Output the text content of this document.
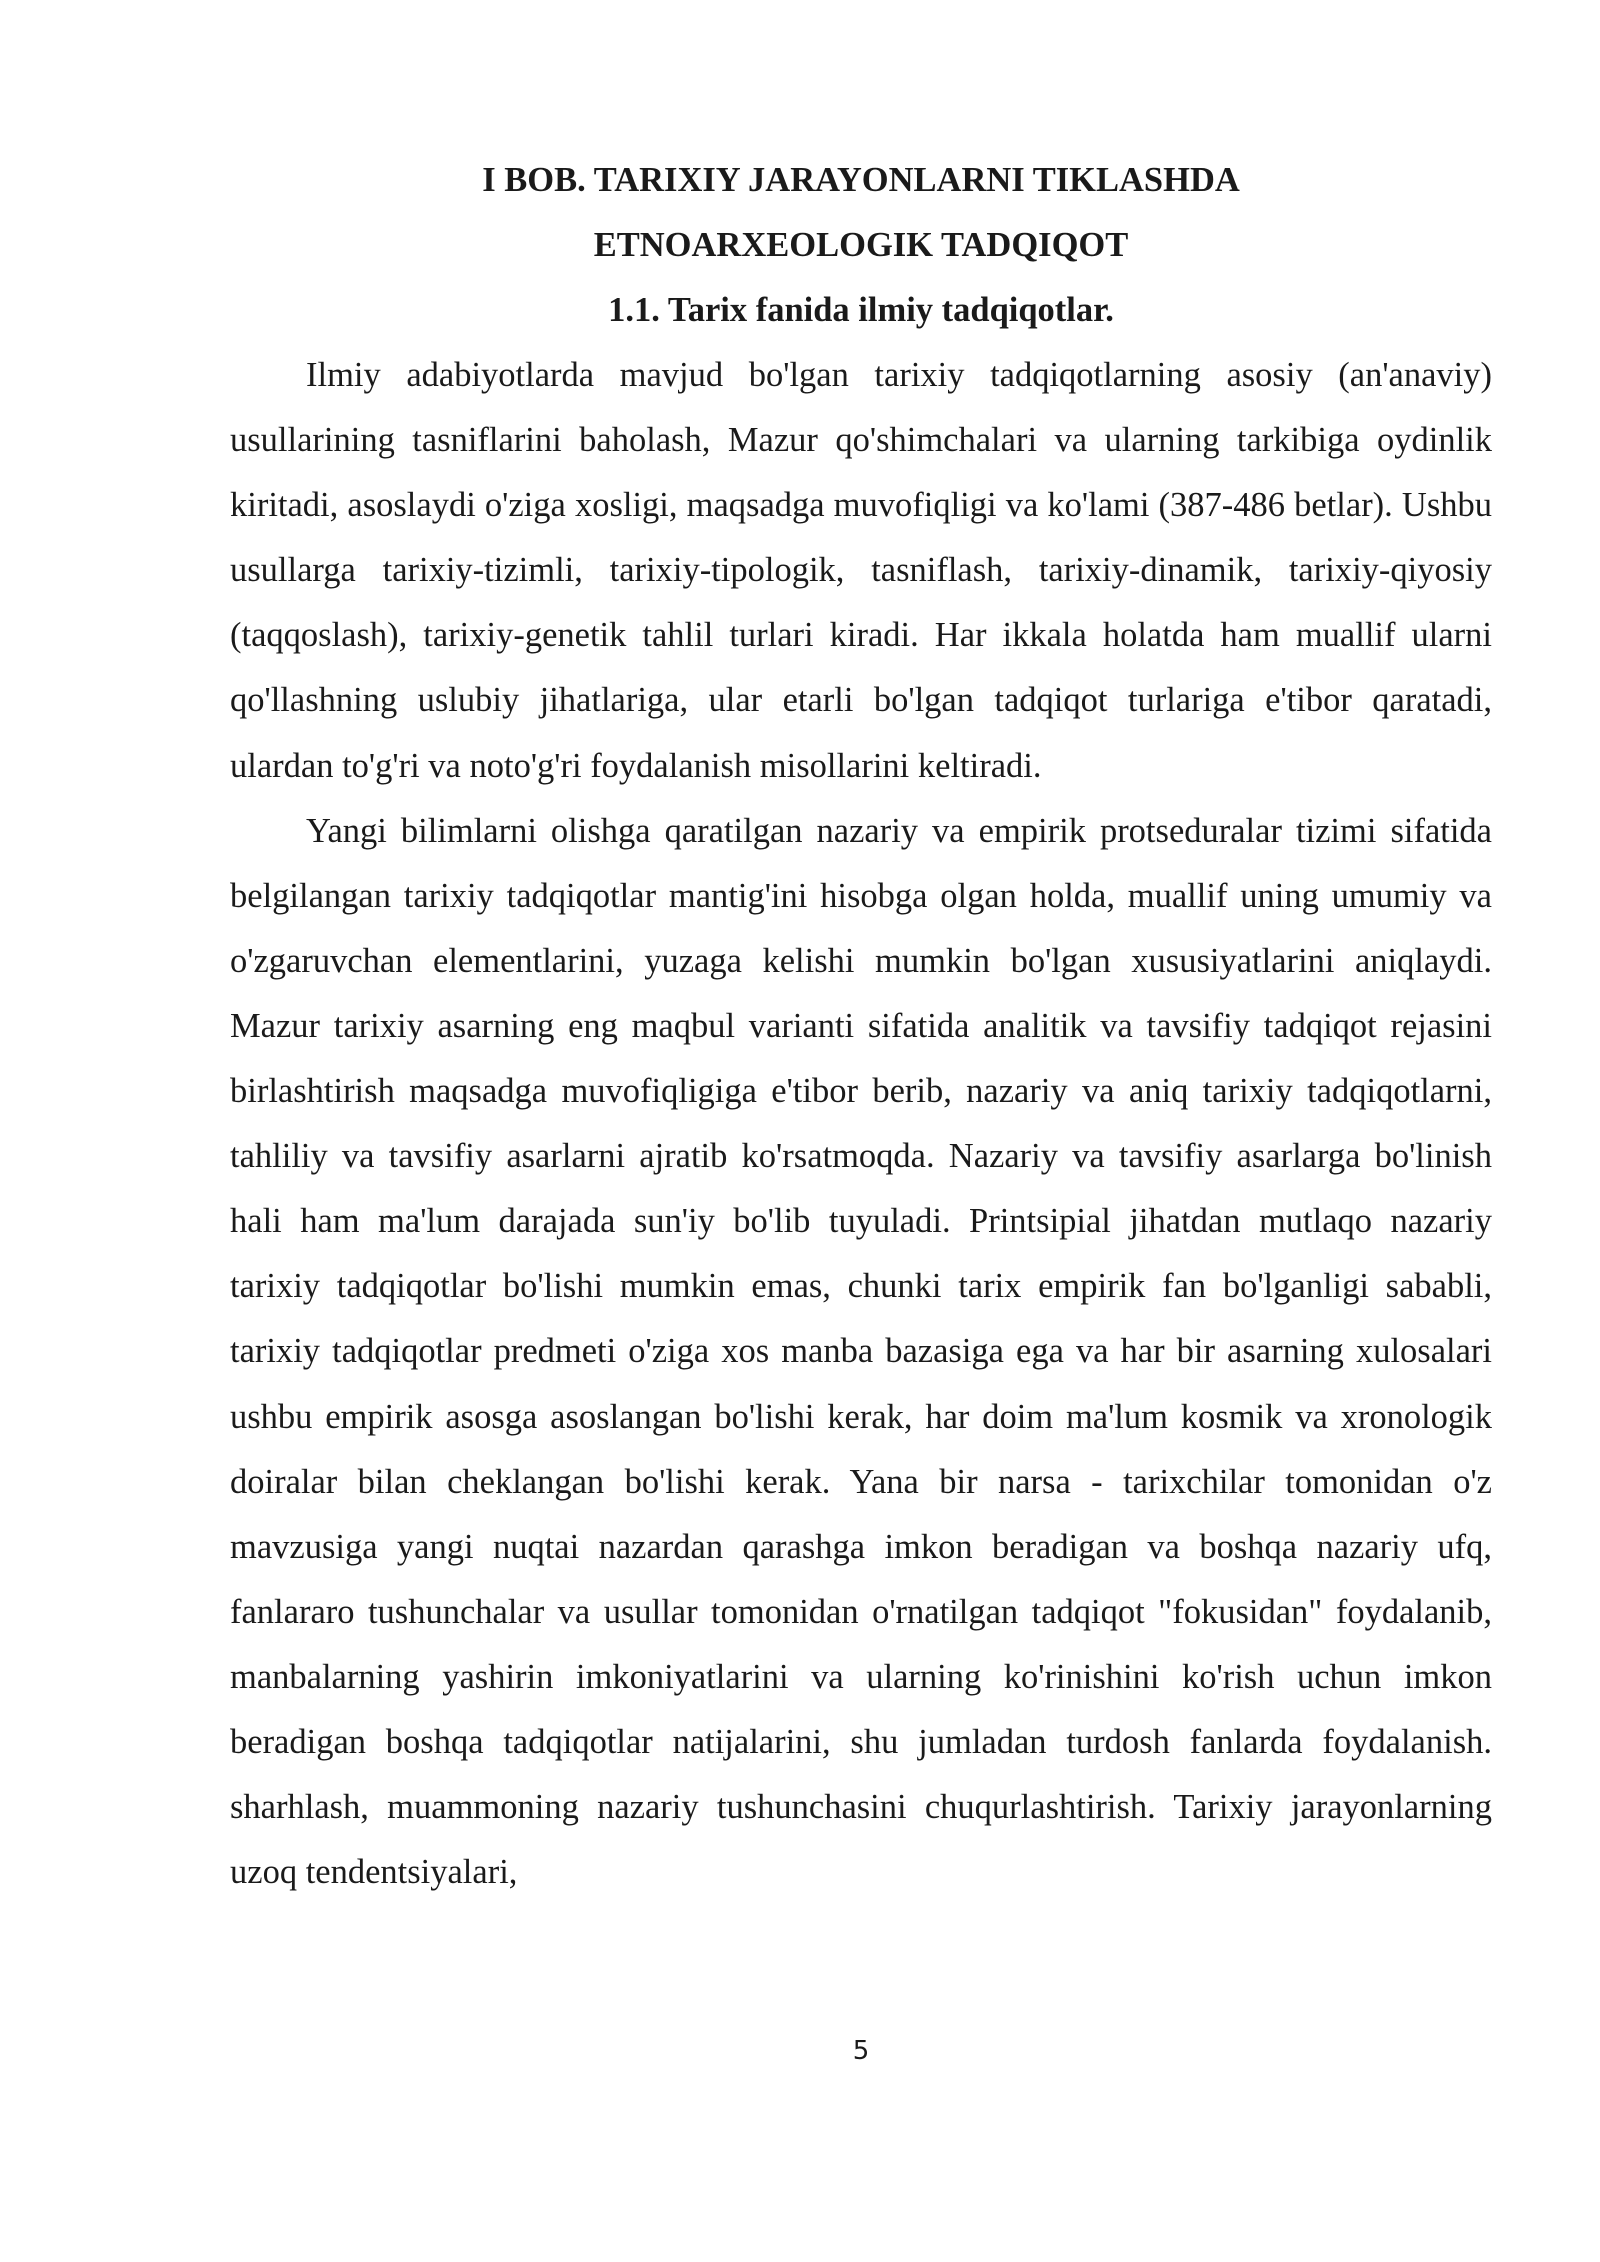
I BOB. TARIXIY JARAYONLARNI TIKLASHDA
ETNOARXEOLOGIK TADQIQOT
1.1. Tarix fanida ilmiy tadqiqotlar.

Ilmiy adabiyotlarda mavjud bo'lgan tarixiy tadqiqotlarning asosiy (an'anaviy) usullarining tasniflarini baholash, Mazur qo'shimchalari va ularning tarkibiga oydinlik kiritadi, asoslaydi o'ziga xosligi, maqsadga muvofiqligi va ko'lami (387-486 betlar). Ushbu usullarga tarixiy-tizimli, tarixiy-tipologik, tasniflash, tarixiy-dinamik, tarixiy-qiyosiy (taqqoslash), tarixiy-genetik tahlil turlari kiradi. Har ikkala holatda ham muallif ularni qo'llashning uslubiy jihatlariga, ular etarli bo'lgan tadqiqot turlariga e'tibor qaratadi, ulardan to'g'ri va noto'g'ri foydalanish misollarini keltiradi.

Yangi bilimlarni olishga qaratilgan nazariy va empirik protseduralar tizimi sifatida belgilangan tarixiy tadqiqotlar mantig'ini hisobga olgan holda, muallif uning umumiy va o'zgaruvchan elementlarini, yuzaga kelishi mumkin bo'lgan xususiyatlarini aniqlaydi. Mazur tarixiy asarning eng maqbul varianti sifatida analitik va tavsifiy tadqiqot rejasini birlashtirish maqsadga muvofiqligiga e'tibor berib, nazariy va aniq tarixiy tadqiqotlarni, tahliliy va tavsifiy asarlarni ajratib ko'rsatmoqda. Nazariy va tavsifiy asarlarga bo'linish hali ham ma'lum darajada sun'iy bo'lib tuyuladi. Printsipial jihatdan mutlaqo nazariy tarixiy tadqiqotlar bo'lishi mumkin emas, chunki tarix empirik fan bo'lganligi sababli, tarixiy tadqiqotlar predmeti o'ziga xos manba bazasiga ega va har bir asarning xulosalari ushbu empirik asosga asoslangan bo'lishi kerak, har doim ma'lum kosmik va xronologik doiralar bilan cheklangan bo'lishi kerak. Yana bir narsa - tarixchilar tomonidan o'z mavzusiga yangi nuqtai nazardan qarashga imkon beradigan va boshqa nazariy ufq, fanlararo tushunchalar va usullar tomonidan o'rnatilgan tadqiqot "fokusidan" foydalanib, manbalarning yashirin imkoniyatlarini va ularning ko'rinishini ko'rish uchun imkon beradigan boshqa tadqiqotlar natijalarini, shu jumladan turdosh fanlarda foydalanish. sharhlash, muammoning nazariy tushunchasini chuqurlashtirish. Tarixiy jarayonlarning uzoq tendentsiyalari,

5
